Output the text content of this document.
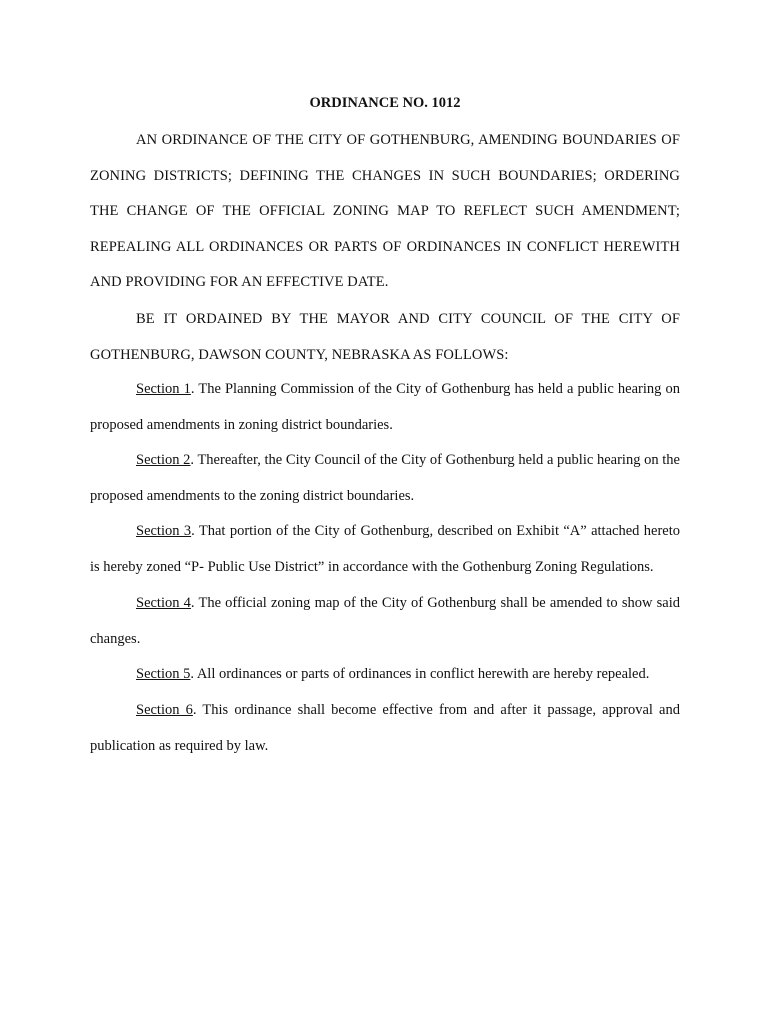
ORDINANCE NO. 1012

AN ORDINANCE OF THE CITY OF GOTHENBURG, AMENDING BOUNDARIES OF ZONING DISTRICTS; DEFINING THE CHANGES IN SUCH BOUNDARIES; ORDERING THE CHANGE OF THE OFFICIAL ZONING MAP TO REFLECT SUCH AMENDMENT; REPEALING ALL ORDINANCES OR PARTS OF ORDINANCES IN CONFLICT HEREWITH AND PROVIDING FOR AN EFFECTIVE DATE.

BE IT ORDAINED BY THE MAYOR AND CITY COUNCIL OF THE CITY OF GOTHENBURG, DAWSON COUNTY, NEBRASKA AS FOLLOWS:

Section 1. The Planning Commission of the City of Gothenburg has held a public hearing on proposed amendments in zoning district boundaries.

Section 2. Thereafter, the City Council of the City of Gothenburg held a public hearing on the proposed amendments to the zoning district boundaries.

Section 3. That portion of the City of Gothenburg, described on Exhibit “A” attached hereto is hereby zoned “P- Public Use District” in accordance with the Gothenburg Zoning Regulations.

Section 4. The official zoning map of the City of Gothenburg shall be amended to show said changes.

Section 5. All ordinances or parts of ordinances in conflict herewith are hereby repealed.

Section 6. This ordinance shall become effective from and after it passage, approval and publication as required by law.
